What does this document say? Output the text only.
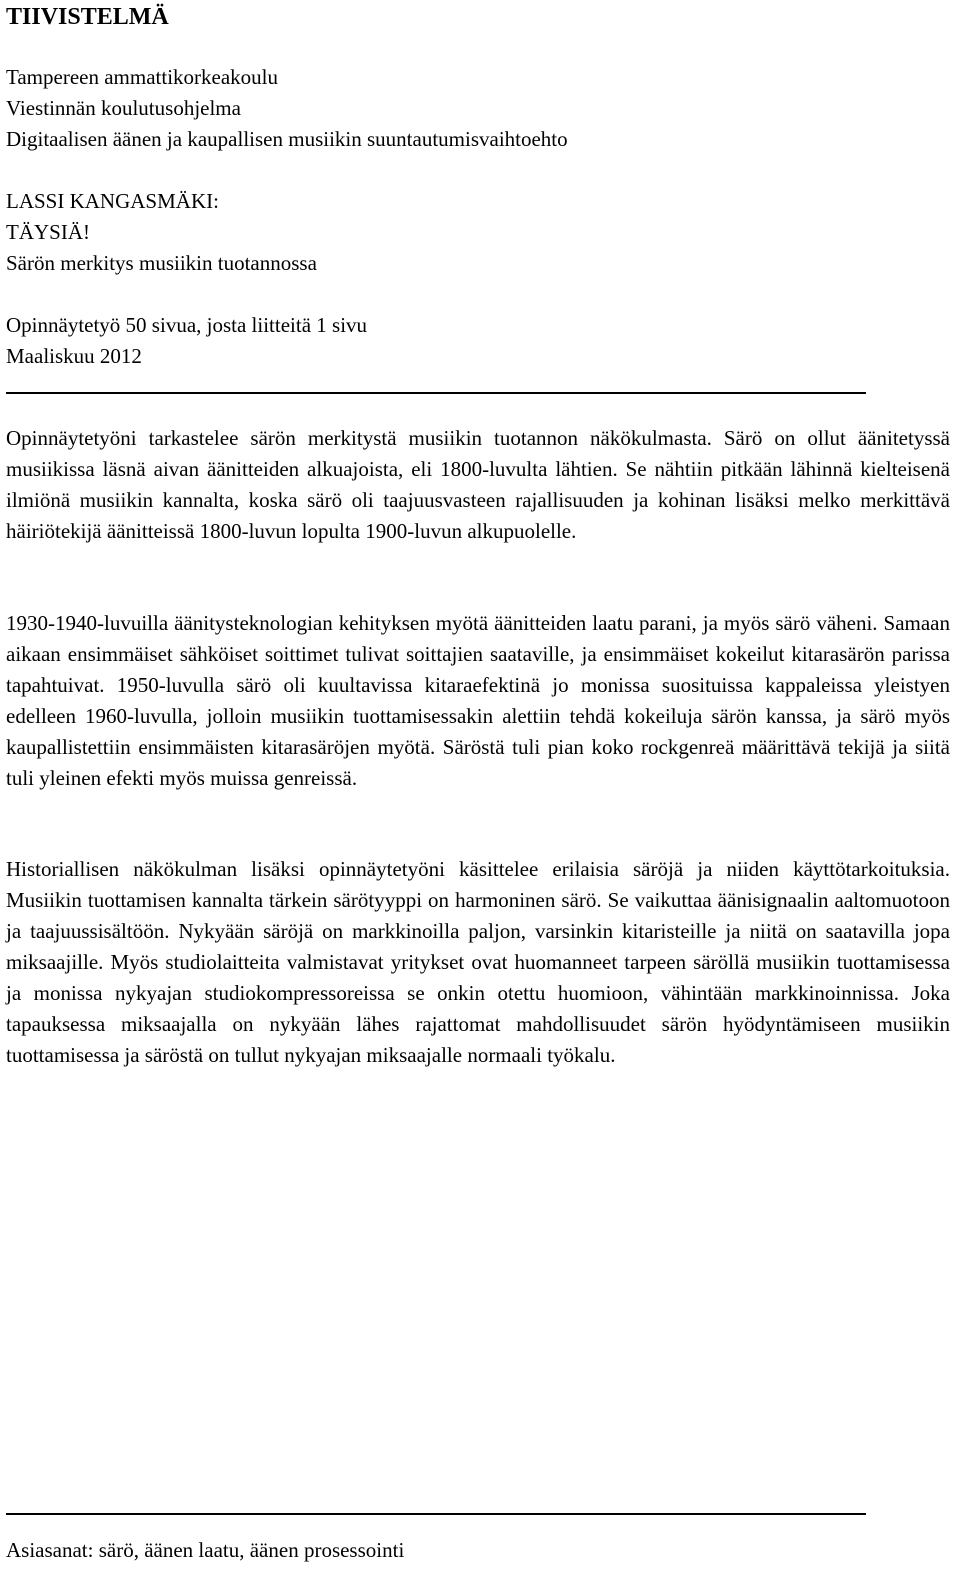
TIIVISTELMÄ
Tampereen ammattikorkeakoulu
Viestinnän koulutusohjelma
Digitaalisen äänen ja kaupallisen musiikin suuntautumisvaihtoehto
LASSI KANGASMÄKI:
TÄYSIÄ!
Särön merkitys musiikin tuotannossa
Opinnäytetyö 50 sivua, josta liitteitä 1 sivu
Maaliskuu 2012

Opinnäytetyöni tarkastelee särön merkitystä musiikin tuotannon näkökulmasta. Särö on ollut äänitetyssä musiikissa läsnä aivan äänitteiden alkuajoista, eli 1800-luvulta lähtien. Se nähtiin pitkään lähinnä kielteisenä ilmiönä musiikin kannalta, koska särö oli taajuusvasteen rajallisuuden ja kohinan lisäksi melko merkittävä häiriötekijä äänitteissä 1800-luvun lopulta 1900-luvun alkupuolelle.

1930-1940-luvuilla äänitysteknologian kehityksen myötä äänitteiden laatu parani, ja myös särö väheni. Samaan aikaan ensimmäiset sähköiset soittimet tulivat soittajien saataville, ja ensimmäiset kokeilut kitarasärön parissa tapahtuivat. 1950-luvulla särö oli kuultavissa kitaraefektinä jo monissa suosituissa kappaleissa yleistyen edelleen 1960-luvulla, jolloin musiikin tuottamisessakin alettiin tehdä kokeiluja särön kanssa, ja särö myös kaupallistettiin ensimmäisten kitarasäröjen myötä. Säröstä tuli pian koko rockgenreä määrittävä tekijä ja siitä tuli yleinen efekti myös muissa genreissä.

Historiallisen näkökulman lisäksi opinnäytetyöni käsittelee erilaisia säröjä ja niiden käyttötarkoituksia. Musiikin tuottamisen kannalta tärkein särötyyppi on harmoninen särö. Se vaikuttaa äänisignaalin aaltomuotoon ja taajuussisältöön. Nykyään säröjä on markkinoilla paljon, varsinkin kitaristeille ja niitä on saatavilla jopa miksaajille. Myös studiolaitteita valmistavat yritykset ovat huomanneet tarpeen säröllä musiikin tuottamisessa ja monissa nykyajan studiokompressoreissa se onkin otettu huomioon, vähintään markkinoinnissa. Joka tapauksessa miksaajalla on nykyään lähes rajattomat mahdollisuudet särön hyödyntämiseen musiikin tuottamisessa ja säröstä on tullut nykyajan miksaajalle normaali työkalu.

Asiasanat: särö, äänen laatu, äänen prosessointi
